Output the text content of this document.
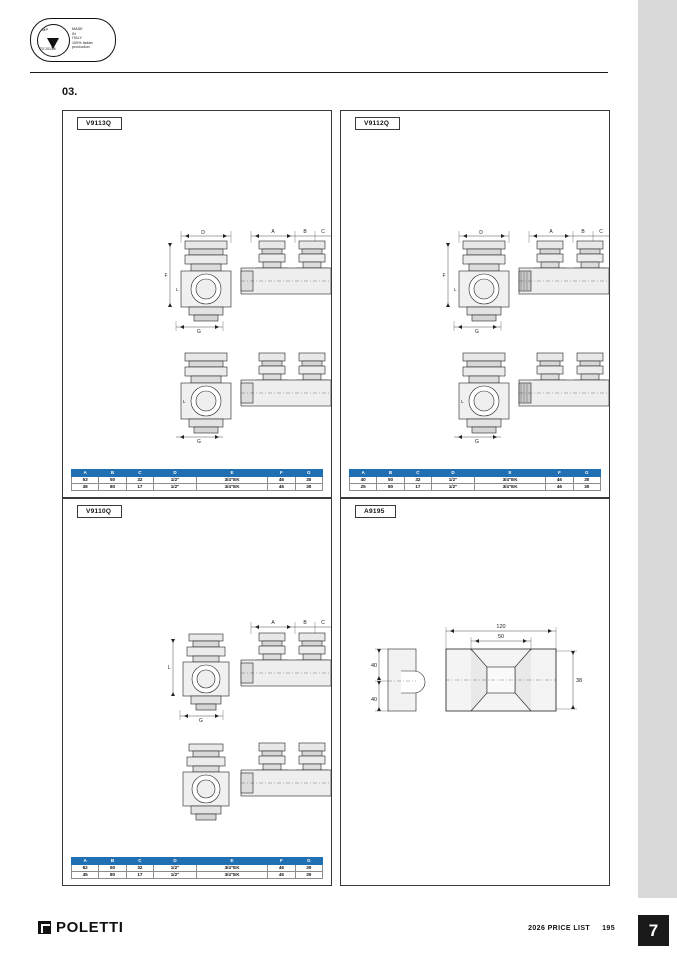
MP
TS 2013/6
MADE
IN
ITALY
100% italian
production
03.
V9113Q
D
F
G
L
A	B	C
L
G
A	B	C	D	E	F	G
53	50	32	1/2"	3/4"EK	46	30
38	80	17	1/2"	3/4"EK	46	30
V9112Q
D
F
G
L
A	B	C
L
G
A	B	C	D	E	F	G
40	50	32	1/2"	3/4"EK	46	30
25	80	17	1/2"	3/4"EK	46	30
V9110Q
L
G
A	B	C
A	B	C	D	E	F	G
62	50	32	1/2"	3/4"EK	46	30
45	80	17	1/2"	3/4"EK	46	30
A9195
40
40
120
50
38
POLETTI	2026 PRICE LIST 195	7
